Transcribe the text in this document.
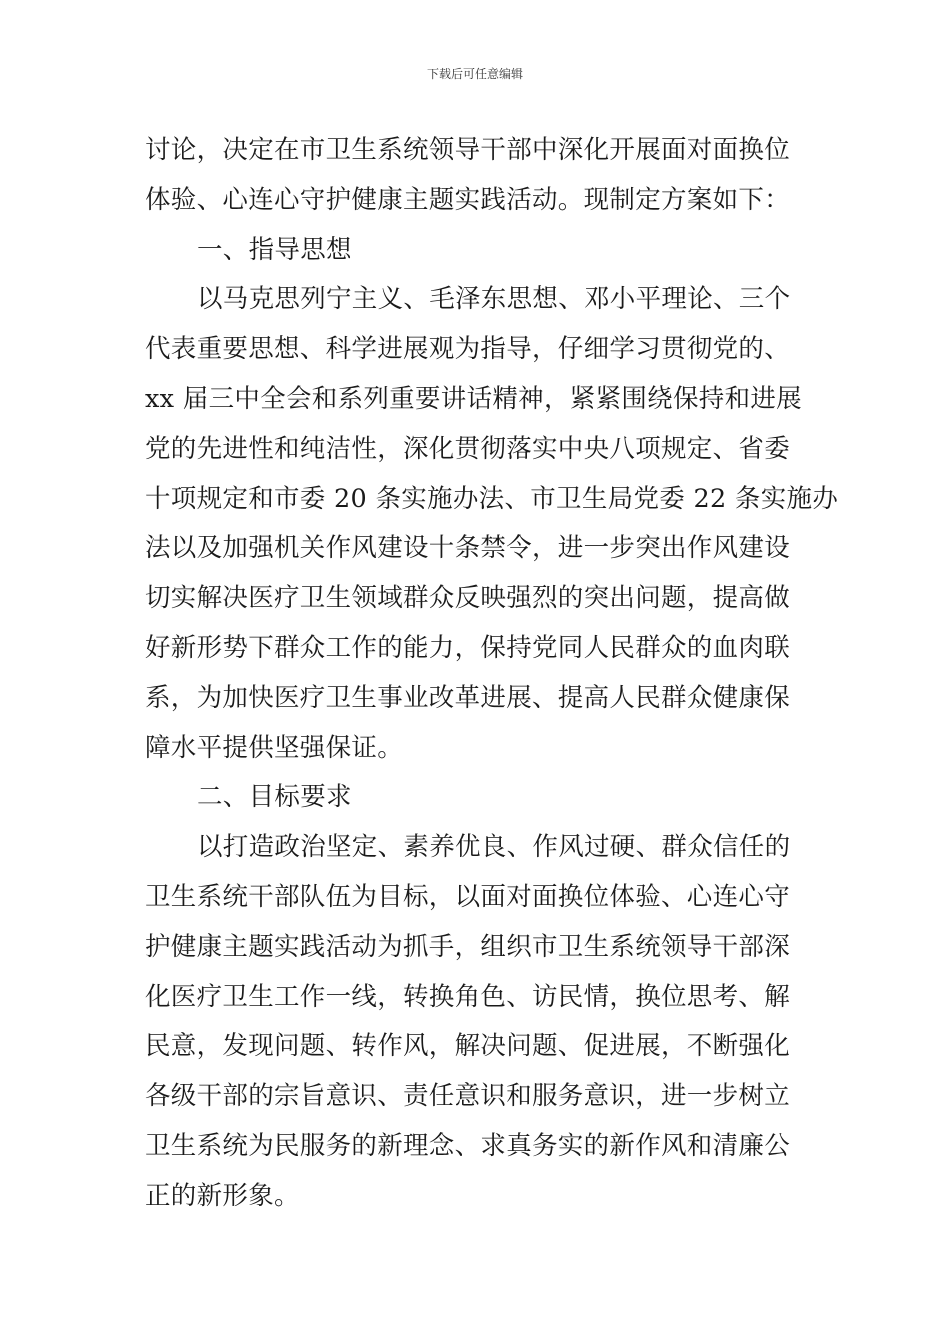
下载后可任意编辑
讨论，决定在市卫生系统领导干部中深化开展面对面换位
体验、心连心守护健康主题实践活动。现制定方案如下：
一、指导思想
以马克思列宁主义、毛泽东思想、邓小平理论、三个
代表重要思想、科学进展观为指导，仔细学习贯彻党的、
xx 届三中全会和系列重要讲话精神，紧紧围绕保持和进展
党的先进性和纯洁性，深化贯彻落实中央八项规定、省委
十项规定和市委 20 条实施办法、市卫生局党委 22 条实施办
法以及加强机关作风建设十条禁令，进一步突出作风建设
切实解决医疗卫生领域群众反映强烈的突出问题，提高做
好新形势下群众工作的能力，保持党同人民群众的血肉联
系，为加快医疗卫生事业改革进展、提高人民群众健康保
障水平提供坚强保证。
二、目标要求
以打造政治坚定、素养优良、作风过硬、群众信任的
卫生系统干部队伍为目标，以面对面换位体验、心连心守
护健康主题实践活动为抓手，组织市卫生系统领导干部深
化医疗卫生工作一线，转换角色、访民情，换位思考、解
民意，发现问题、转作风，解决问题、促进展，不断强化
各级干部的宗旨意识、责任意识和服务意识，进一步树立
卫生系统为民服务的新理念、求真务实的新作风和清廉公
正的新形象。
